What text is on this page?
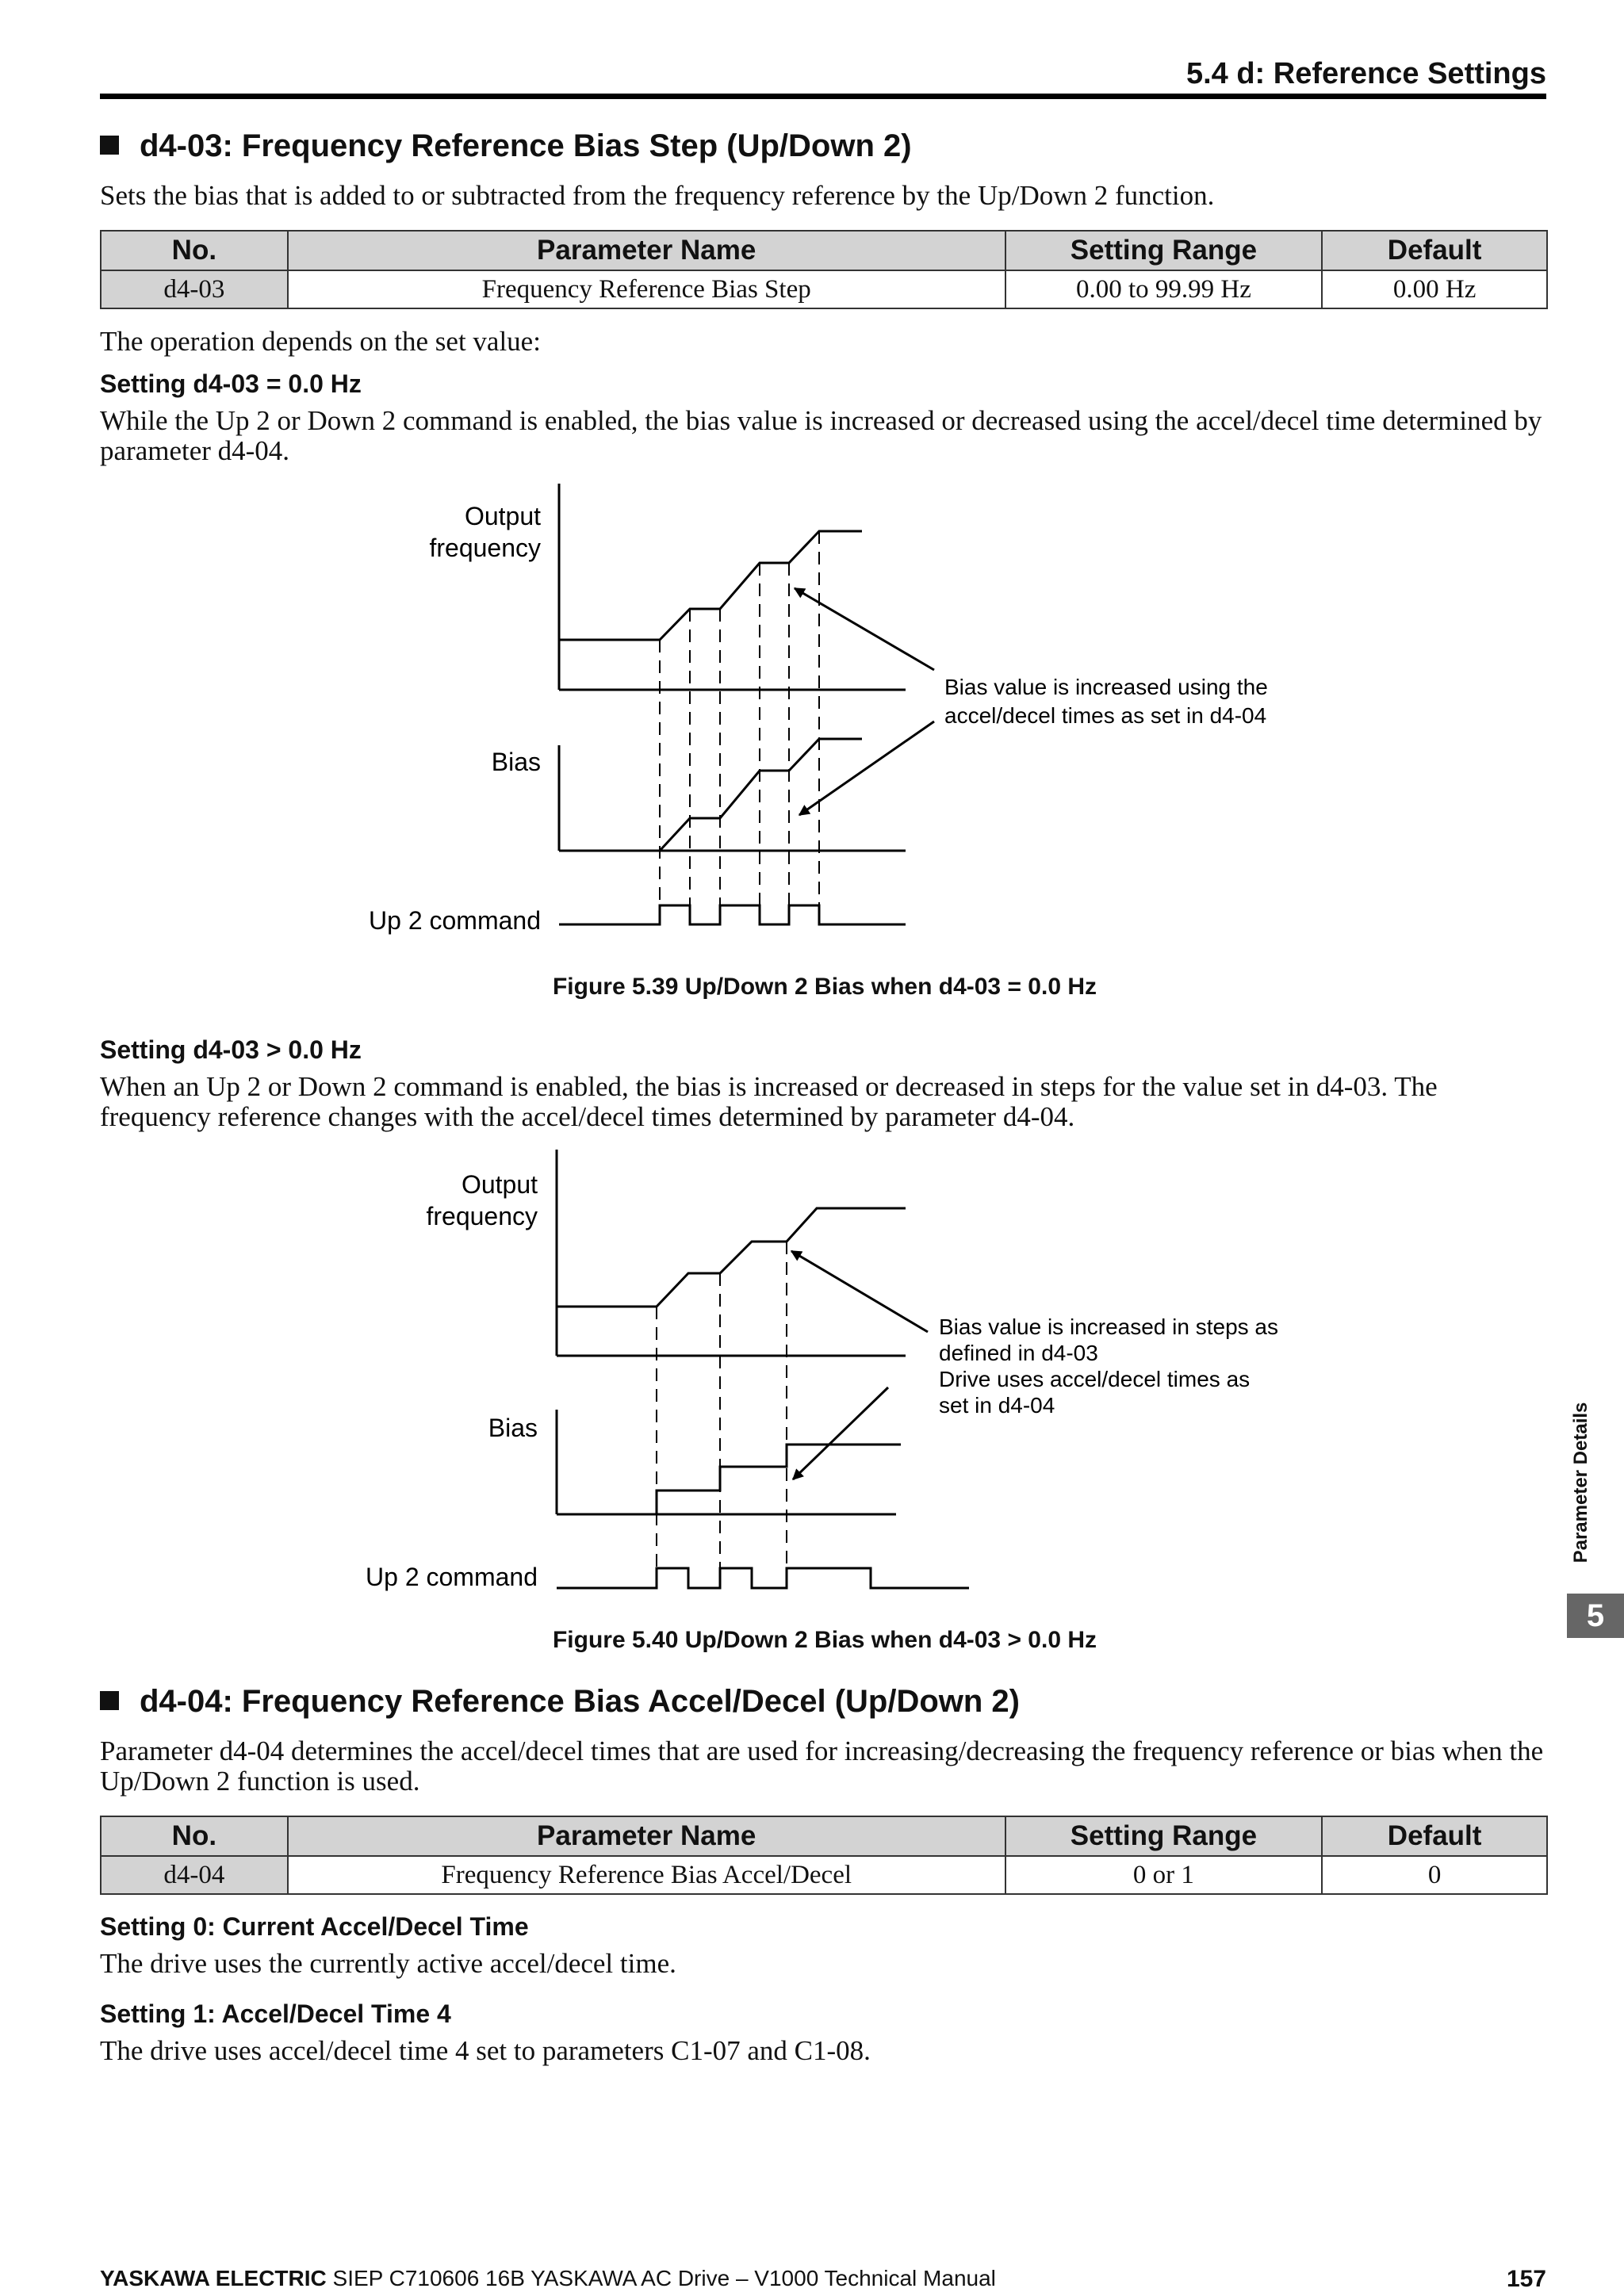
5.4 d: Reference Settings
d4-03: Frequency Reference Bias Step (Up/Down 2)
Sets the bias that is added to or subtracted from the frequency reference by the Up/Down 2 function.
No.	Parameter Name	Setting Range	Default
d4-03	Frequency Reference Bias Step	0.00 to 99.99 Hz	0.00 Hz
The operation depends on the set value:
Setting d4-03 = 0.0 Hz
While the Up 2 or Down 2 command is enabled, the bias value is increased or decreased using the accel/decel time determined by parameter d4-04.
Output
frequency
Bias
Up 2 command
Bias value is increased using the
accel/decel times as set in d4-04
Figure 5.39 Up/Down 2 Bias when d4-03 = 0.0 Hz
Setting d4-03 > 0.0 Hz
When an Up 2 or Down 2 command is enabled, the bias is increased or decreased in steps for the value set in d4-03. The frequency reference changes with the accel/decel times determined by parameter d4-04.
Output
frequency
Bias
Up 2 command
Bias value is increased in steps as
defined in d4-03
Drive uses accel/decel times as
set in d4-04
Figure 5.40 Up/Down 2 Bias when d4-03 > 0.0 Hz
d4-04: Frequency Reference Bias Accel/Decel (Up/Down 2)
Parameter d4-04 determines the accel/decel times that are used for increasing/decreasing the frequency reference or bias when the Up/Down 2 function is used.
No.	Parameter Name	Setting Range	Default
d4-04	Frequency Reference Bias Accel/Decel	0 or 1	0
Setting 0: Current Accel/Decel Time
The drive uses the currently active accel/decel time.
Setting 1: Accel/Decel Time 4
The drive uses accel/decel time 4 set to parameters C1-07 and C1-08.
Parameter Details
5
YASKAWA ELECTRIC SIEP C710606 16B YASKAWA AC Drive – V1000 Technical Manual	157
